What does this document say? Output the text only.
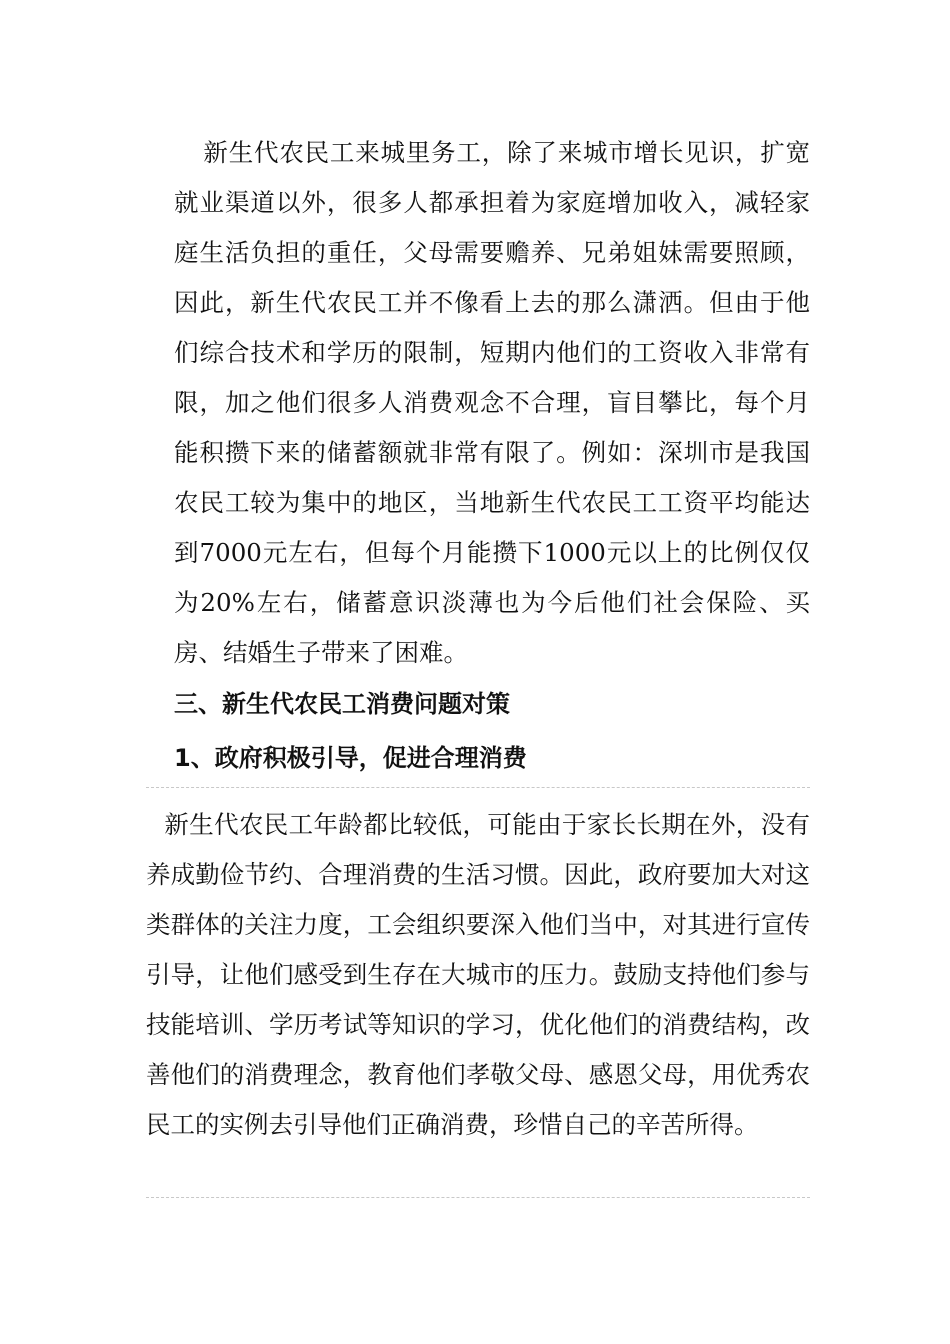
新生代农民工来城里务工，除了来城市增长见识，扩宽就业渠道以外，很多人都承担着为家庭增加收入，减轻家庭生活负担的重任，父母需要赡养、兄弟姐妹需要照顾，因此，新生代农民工并不像看上去的那么潇洒。但由于他们综合技术和学历的限制，短期内他们的工资收入非常有限，加之他们很多人消费观念不合理，盲目攀比，每个月能积攒下来的储蓄额就非常有限了。例如：深圳市是我国农民工较为集中的地区，当地新生代农民工工资平均能达到7000元左右，但每个月能攒下1000元以上的比例仅仅为20%左右，储蓄意识淡薄也为今后他们社会保险、买房、结婚生子带来了困难。

三、新生代农民工消费问题对策
1、政府积极引导，促进合理消费

新生代农民工年龄都比较低，可能由于家长长期在外，没有养成勤俭节约、合理消费的生活习惯。因此，政府要加大对这类群体的关注力度，工会组织要深入他们当中，对其进行宣传引导，让他们感受到生存在大城市的压力。鼓励支持他们参与技能培训、学历考试等知识的学习，优化他们的消费结构，改善他们的消费理念，教育他们孝敬父母、感恩父母，用优秀农民工的实例去引导他们正确消费，珍惜自己的辛苦所得。
